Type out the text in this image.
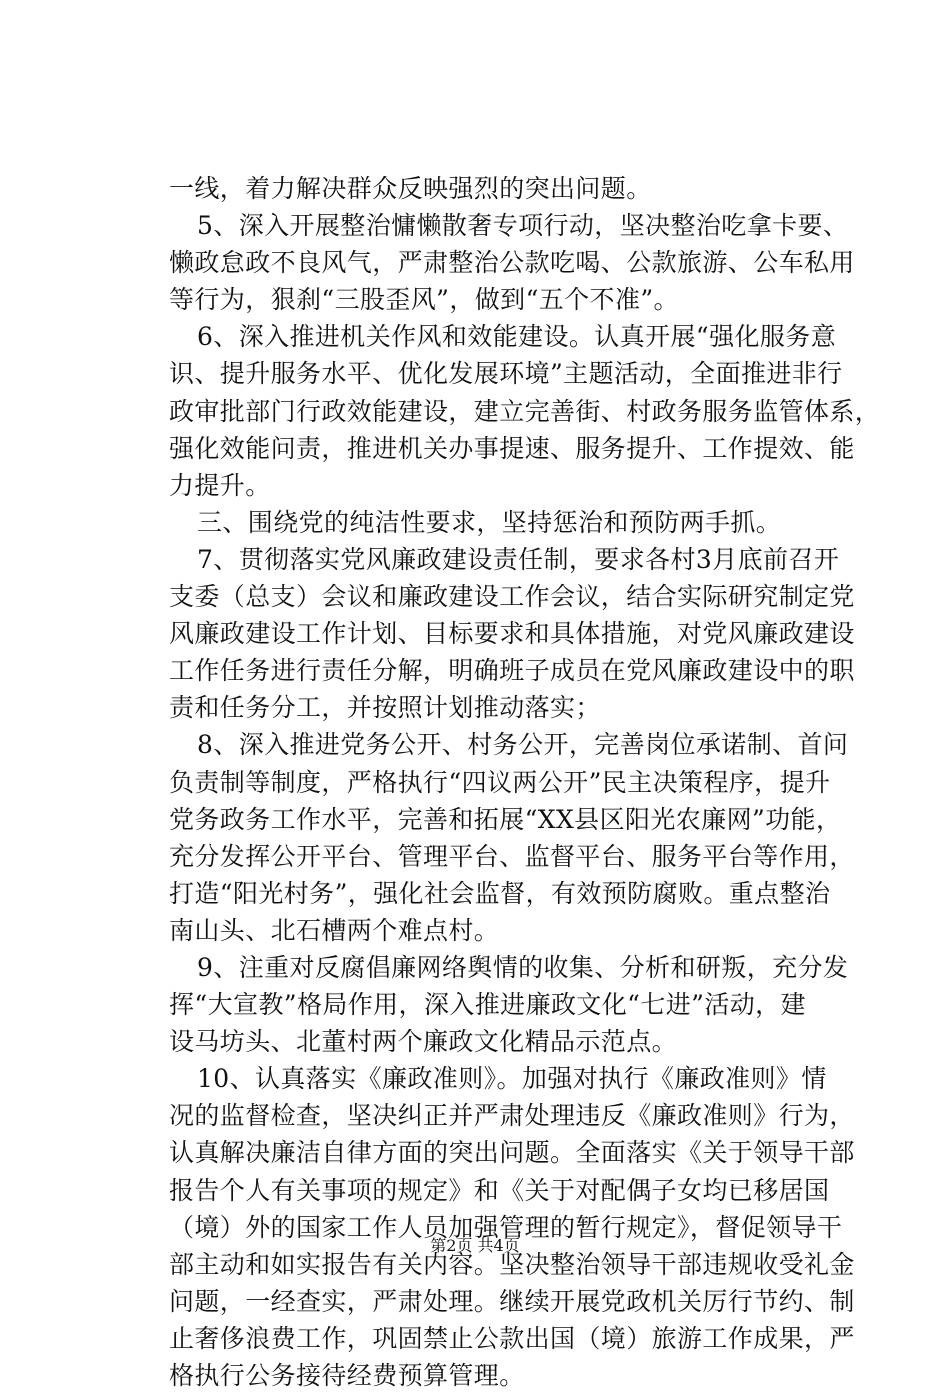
一线，着力解决群众反映强烈的突出问题。
5、深入开展整治慵懒散奢专项行动，坚决整治吃拿卡要、
懒政怠政不良风气，严肃整治公款吃喝、公款旅游、公车私用
等行为，狠刹“三股歪风”，做到“五个不准”。
6、深入推进机关作风和效能建设。认真开展“强化服务意
识、提升服务水平、优化发展环境”主题活动，全面推进非行
政审批部门行政效能建设，建立完善街、村政务服务监管体系，
强化效能问责，推进机关办事提速、服务提升、工作提效、能
力提升。
三、围绕党的纯洁性要求，坚持惩治和预防两手抓。
7、贯彻落实党风廉政建设责任制，要求各村3月底前召开
支委（总支）会议和廉政建设工作会议，结合实际研究制定党
风廉政建设工作计划、目标要求和具体措施，对党风廉政建设
工作任务进行责任分解，明确班子成员在党风廉政建设中的职
责和任务分工，并按照计划推动落实；
8、深入推进党务公开、村务公开，完善岗位承诺制、首问
负责制等制度，严格执行“四议两公开”民主决策程序，提升
党务政务工作水平，完善和拓展“XX县区阳光农廉网”功能，
充分发挥公开平台、管理平台、监督平台、服务平台等作用，
打造“阳光村务”，强化社会监督，有效预防腐败。重点整治
南山头、北石槽两个难点村。
9、注重对反腐倡廉网络舆情的收集、分析和研叛，充分发
挥“大宣教”格局作用，深入推进廉政文化“七进”活动，建
设马坊头、北董村两个廉政文化精品示范点。
10、认真落实《廉政准则》。加强对执行《廉政准则》情
况的监督检查，坚决纠正并严肃处理违反《廉政准则》行为，
认真解决廉洁自律方面的突出问题。全面落实《关于领导干部
报告个人有关事项的规定》和《关于对配偶子女均已移居国
（境）外的国家工作人员加强管理的暂行规定》，督促领导干
部主动和如实报告有关内容。坚决整治领导干部违规收受礼金
问题，一经查实，严肃处理。继续开展党政机关厉行节约、制
止奢侈浪费工作，巩固禁止公款出国（境）旅游工作成果，严
格执行公务接待经费预算管理。
第2页 共4页
